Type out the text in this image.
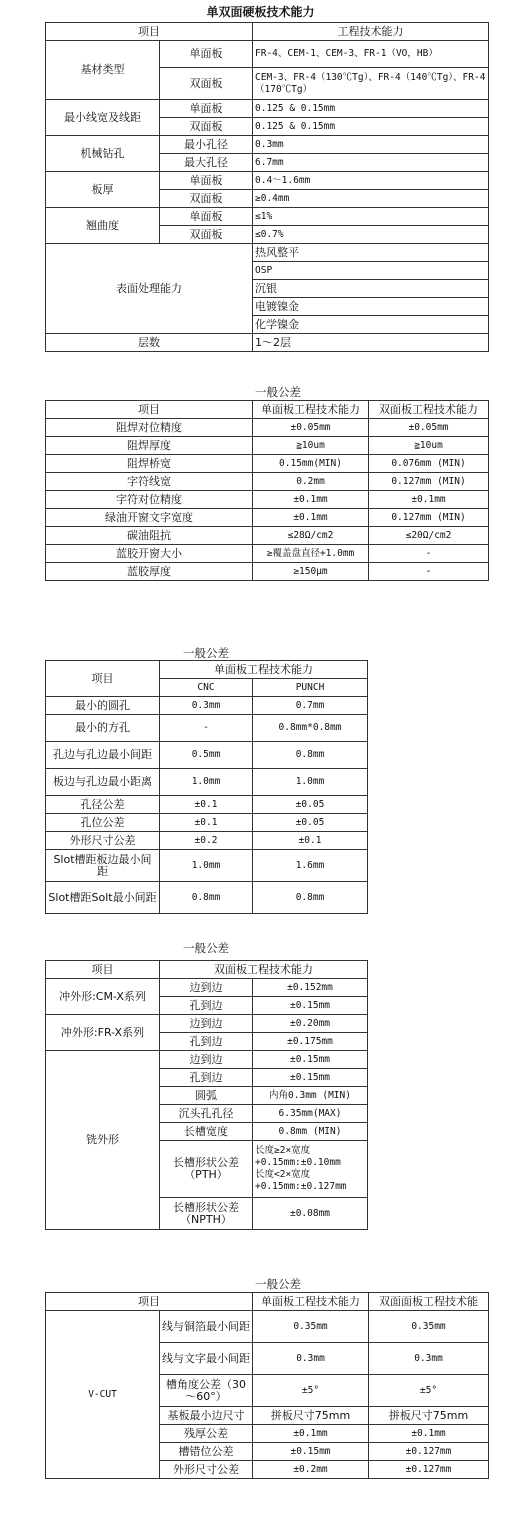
单双面硬板技术能力
项目		工程技术能力
基材类型	单面板	FR-4、CEM-1、CEM-3、FR-1（VO，HB）
	双面板	CEM-3、FR-4（130℃Tg）、FR-4（140℃Tg）、FR-4（170℃Tg）
最小线宽及线距	单面板	0.125 & 0.15mm
	双面板	0.125 & 0.15mm
机械钻孔	最小孔径	0.3mm
	最大孔径	6.7mm
板厚	单面板	0.4～1.6mm
	双面板	≥0.4mm
翘曲度	单面板	≤1%
	双面板	≤0.7%
表面处理能力		热风整平
		OSP
		沉银
		电镀镍金
		化学镍金
层数		1～2层
一般公差
项目	单面板工程技术能力	双面板工程技术能力
阻焊对位精度	±0.05mm	±0.05mm
阻焊厚度	≧10um	≧10um
阻焊桥宽	0.15mm(MIN)	0.076mm (MIN)
字符线宽	0.2mm	0.127mm (MIN)
字符对位精度	±0.1mm	±0.1mm
绿油开窗文字宽度	±0.1mm	0.127mm (MIN)
碳油阻抗	≤28Ω/cm2	≤20Ω/cm2
蓝胶开窗大小	≥覆盖盘直径+1.0mm	-
蓝胶厚度	≥150μm	-
一般公差
项目	单面板工程技术能力	
	CNC	PUNCH
最小的圆孔	0.3mm	0.7mm
最小的方孔	-	0.8mm*0.8mm
孔边与孔边最小间距	0.5mm	0.8mm
板边与孔边最小距离	1.0mm	1.0mm
孔径公差	±0.1	±0.05
孔位公差	±0.1	±0.05
外形尺寸公差	±0.2	±0.1
Slot槽距板边最小间距	1.0mm	1.6mm
Slot槽距Solt最小间距	0.8mm	0.8mm
一般公差
项目	双面板工程技术能力	
冲外形:CM-X系列	边到边	±0.152mm
	孔到边	±0.15mm
冲外形:FR-X系列	边到边	±0.20mm
	孔到边	±0.175mm
铣外形	边到边	±0.15mm
	孔到边	±0.15mm
	圆弧	内角0.3mm (MIN)
	沉头孔孔径	6.35mm(MAX)
	长槽宽度	0.8mm (MIN)
	长槽形状公差（PTH）	长度≥2×宽度
+0.15mm:±0.10mm
长度<2×宽度
+0.15mm:±0.127mm

	长槽形状公差（NPTH）	±0.08mm
一般公差
项目		单面板工程技术能力	双面面板工程技术能
V-CUT	线与铜箔最小间距	0.35mm	0.35mm
	线与文字最小间距	0.3mm	0.3mm
	槽角度公差（30～60°）	±5°	±5°
	基板最小边尺寸	拼板尺寸75mm	拼板尺寸75mm
	残厚公差	±0.1mm	±0.1mm
	槽错位公差	±0.15mm	±0.127mm
	外形尺寸公差	±0.2mm	±0.127mm
